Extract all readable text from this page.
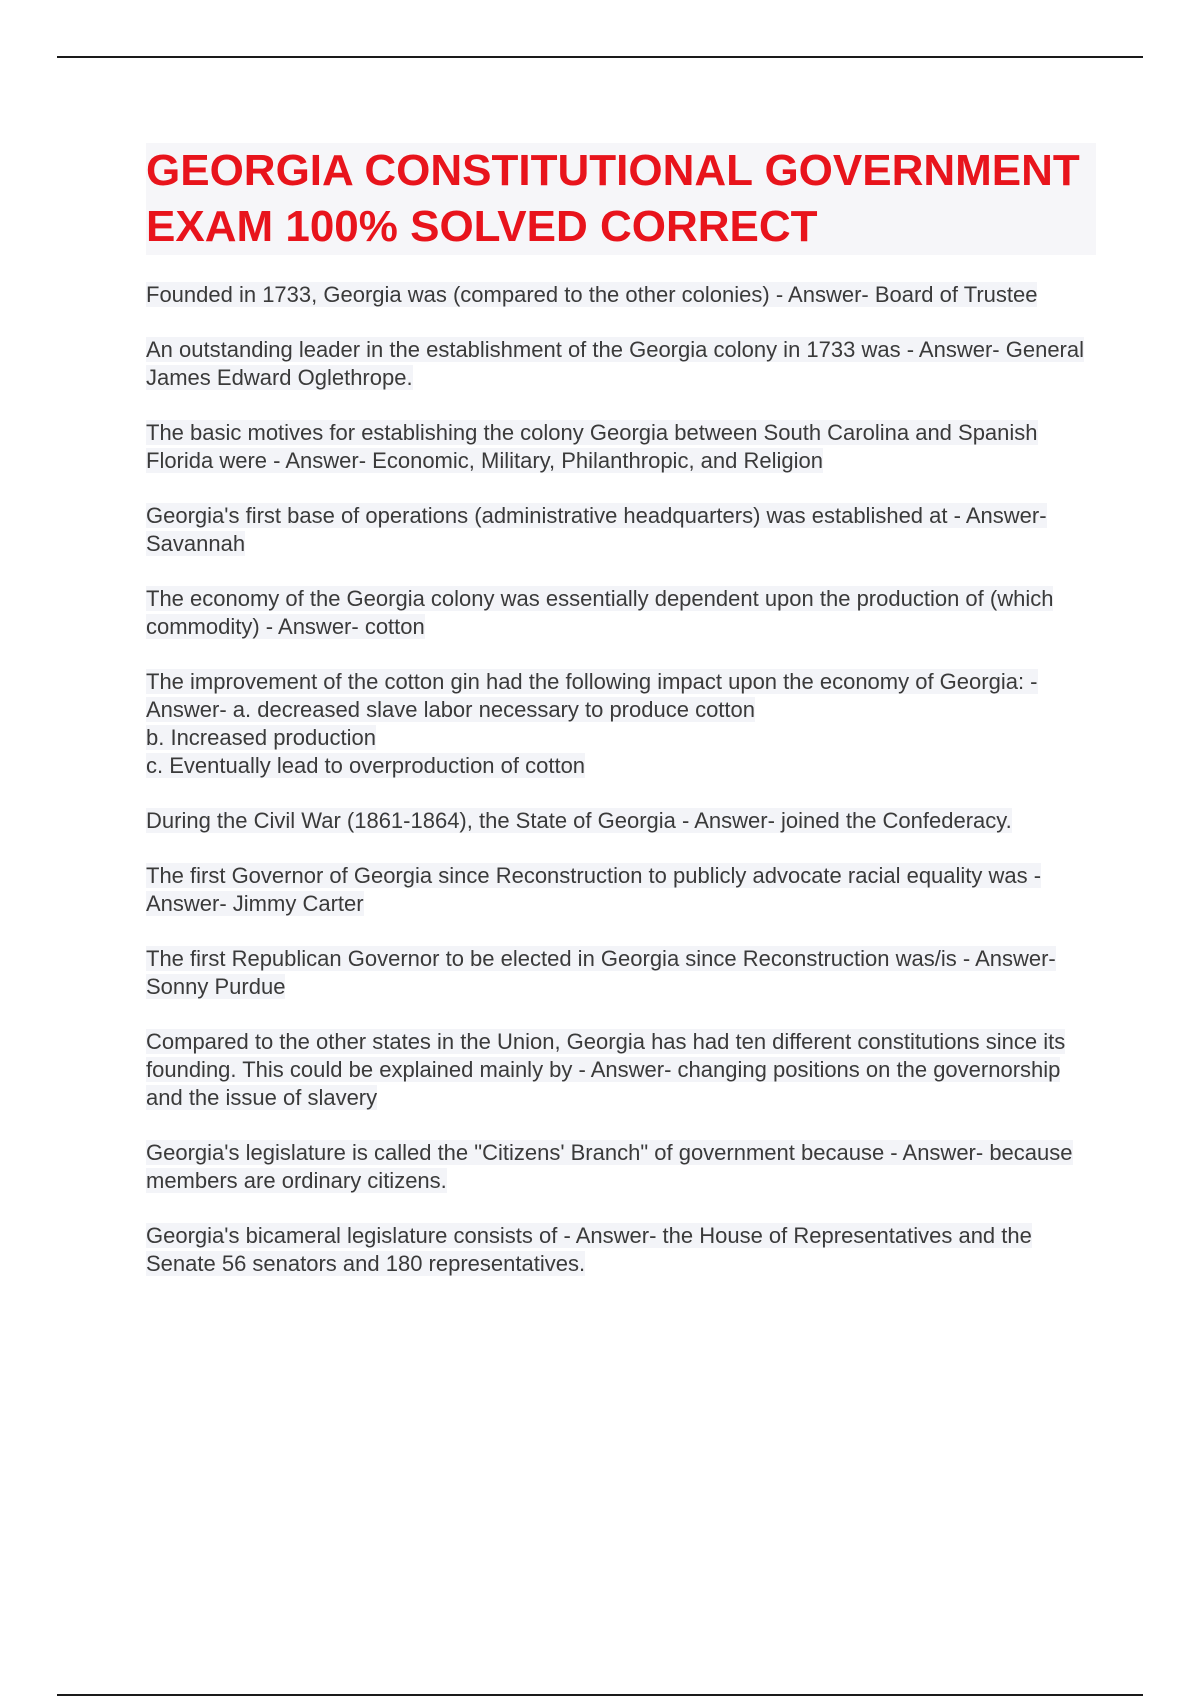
GEORGIA CONSTITUTIONAL GOVERNMENT EXAM 100% SOLVED CORRECT
Founded in 1733, Georgia was (compared to the other colonies) - Answer- Board of Trustee
An outstanding leader in the establishment of the Georgia colony in 1733 was - Answer- General James Edward Oglethrope.
The basic motives for establishing the colony Georgia between South Carolina and Spanish Florida were - Answer- Economic, Military, Philanthropic, and Religion
Georgia's first base of operations (administrative headquarters) was established at - Answer- Savannah
The economy of the Georgia colony was essentially dependent upon the production of (which commodity) - Answer- cotton
The improvement of the cotton gin had the following impact upon the economy of Georgia: - Answer- a. decreased slave labor necessary to produce cotton
b. Increased production
c. Eventually lead to overproduction of cotton
During the Civil War (1861-1864), the State of Georgia - Answer- joined the Confederacy.
The first Governor of Georgia since Reconstruction to publicly advocate racial equality was - Answer- Jimmy Carter
The first Republican Governor to be elected in Georgia since Reconstruction was/is - Answer- Sonny Purdue
Compared to the other states in the Union, Georgia has had ten different constitutions since its founding. This could be explained mainly by - Answer- changing positions on the governorship and the issue of slavery
Georgia's legislature is called the "Citizens' Branch" of government because - Answer- because members are ordinary citizens.
Georgia's bicameral legislature consists of - Answer- the House of Representatives and the Senate 56 senators and 180 representatives.
